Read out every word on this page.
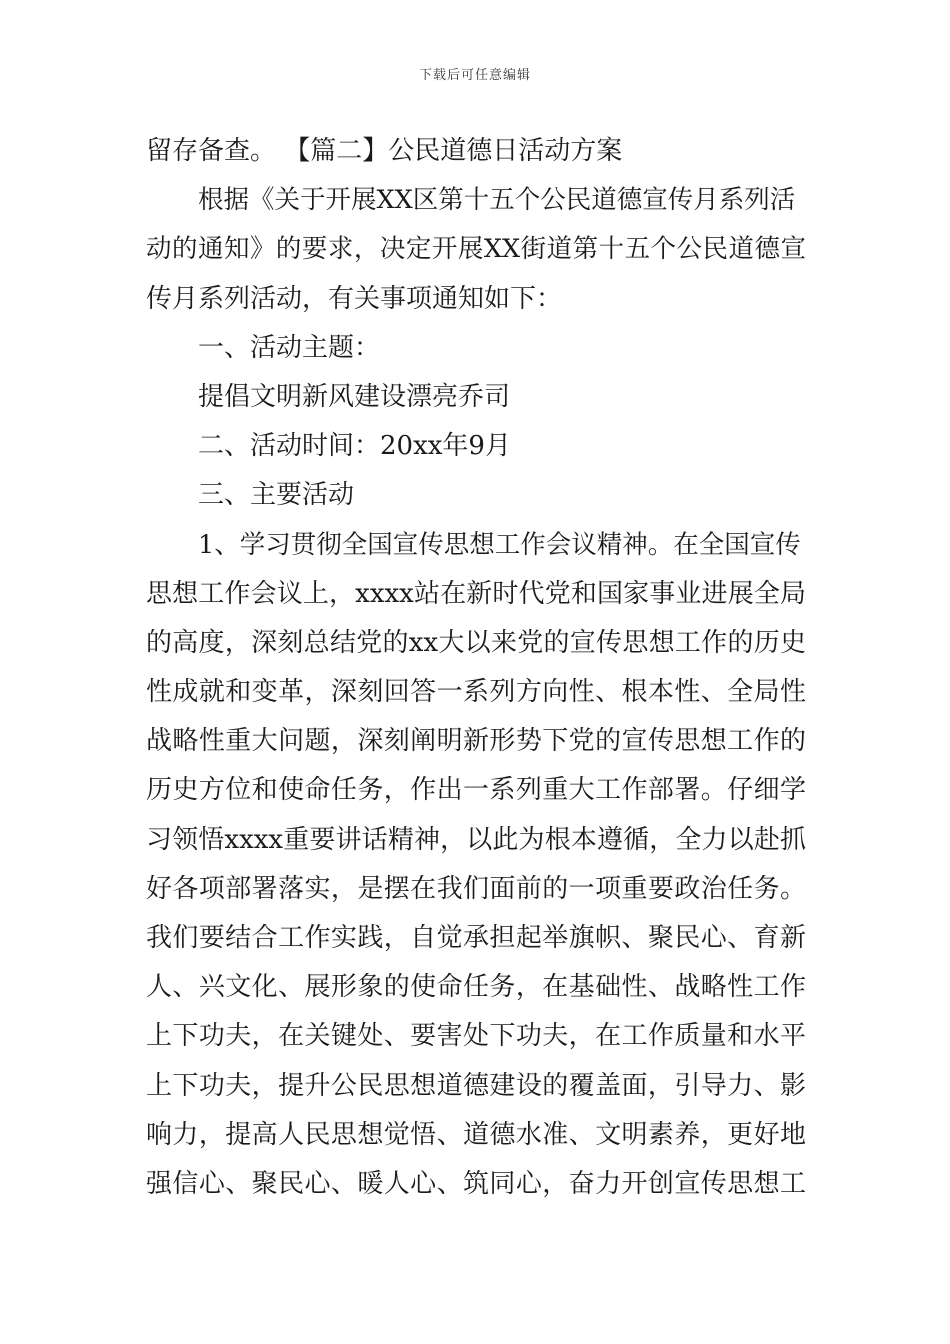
下载后可任意编辑
留存备查。 【篇二】公民道德日活动方案
根据《关于开展XX区第十五个公民道德宣传月系列活
动的通知》的要求，决定开展XX街道第十五个公民道德宣
传月系列活动，有关事项通知如下：
一、活动主题：
提倡文明新风建设漂亮乔司
二、活动时间：20xx年9月
三、主要活动
1、学习贯彻全国宣传思想工作会议精神。在全国宣传
思想工作会议上，xxxx站在新时代党和国家事业进展全局
的高度，深刻总结党的xx大以来党的宣传思想工作的历史
性成就和变革，深刻回答一系列方向性、根本性、全局性
战略性重大问题，深刻阐明新形势下党的宣传思想工作的
历史方位和使命任务，作出一系列重大工作部署。仔细学
习领悟xxxx重要讲话精神，以此为根本遵循，全力以赴抓
好各项部署落实，是摆在我们面前的一项重要政治任务。
我们要结合工作实践，自觉承担起举旗帜、聚民心、育新
人、兴文化、展形象的使命任务，在基础性、战略性工作
上下功夫，在关键处、要害处下功夫，在工作质量和水平
上下功夫，提升公民思想道德建设的覆盖面，引导力、影
响力，提高人民思想觉悟、道德水准、文明素养，更好地
强信心、聚民心、暖人心、筑同心，奋力开创宣传思想工
